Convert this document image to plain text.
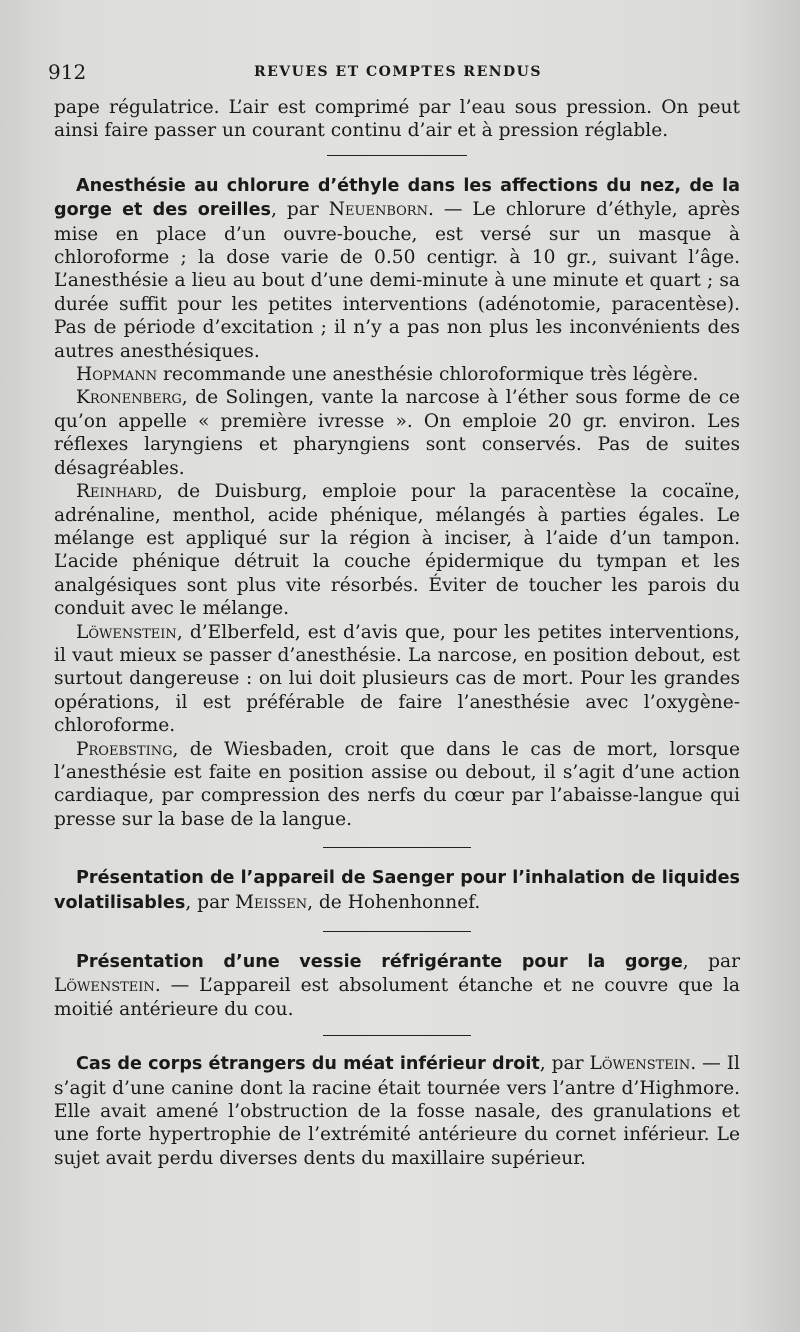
912	REVUES ET COMPTES RENDUS

pape régulatrice. L’air est comprimé par l’eau sous pression. On peut ainsi faire passer un courant continu d’air et à pression réglable.

Anesthésie au chlorure d’éthyle dans les affections du nez, de la gorge et des oreilles, par Neuenborn. — Le chlorure d’éthyle, après mise en place d’un ouvre-bouche, est versé sur un masque à chloroforme ; la dose varie de 0.50 centigr. à 10 gr., suivant l’âge. L’anesthésie a lieu au bout d’une demi-minute à une minute et quart ; sa durée suffit pour les petites interventions (adénotomie, paracentèse). Pas de période d’excitation ; il n’y a pas non plus les inconvénients des autres anesthésiques.

Hopmann recommande une anesthésie chloroformique très légère.

Kronenberg, de Solingen, vante la narcose à l’éther sous forme de ce qu’on appelle « première ivresse ». On emploie 20 gr. environ. Les réflexes laryngiens et pharyngiens sont conservés. Pas de suites désagréables.

Reinhard, de Duisburg, emploie pour la paracentèse la cocaïne, adrénaline, menthol, acide phénique, mélangés à parties égales. Le mélange est appliqué sur la région à inciser, à l’aide d’un tampon. L’acide phénique détruit la couche épidermique du tympan et les analgésiques sont plus vite résorbés. Éviter de toucher les parois du conduit avec le mélange.

Löwenstein, d’Elberfeld, est d’avis que, pour les petites interventions, il vaut mieux se passer d’anesthésie. La narcose, en position debout, est surtout dangereuse : on lui doit plusieurs cas de mort. Pour les grandes opérations, il est préférable de faire l’anesthésie avec l’oxygène-chloroforme.

Proebsting, de Wiesbaden, croit que dans le cas de mort, lorsque l’anesthésie est faite en position assise ou debout, il s’agit d’une action cardiaque, par compression des nerfs du cœur par l’abaisse-langue qui presse sur la base de la langue.

Présentation de l’appareil de Saenger pour l’inhalation de liquides volatilisables, par Meissen, de Hohenhonnef.

Présentation d’une vessie réfrigérante pour la gorge, par Löwenstein. — L’appareil est absolument étanche et ne couvre que la moitié antérieure du cou.

Cas de corps étrangers du méat inférieur droit, par Löwenstein. — Il s’agit d’une canine dont la racine était tournée vers l’antre d’Highmore. Elle avait amené l’obstruction de la fosse nasale, des granulations et une forte hypertrophie de l’extrémité antérieure du cornet inférieur. Le sujet avait perdu diverses dents du maxillaire supérieur.
